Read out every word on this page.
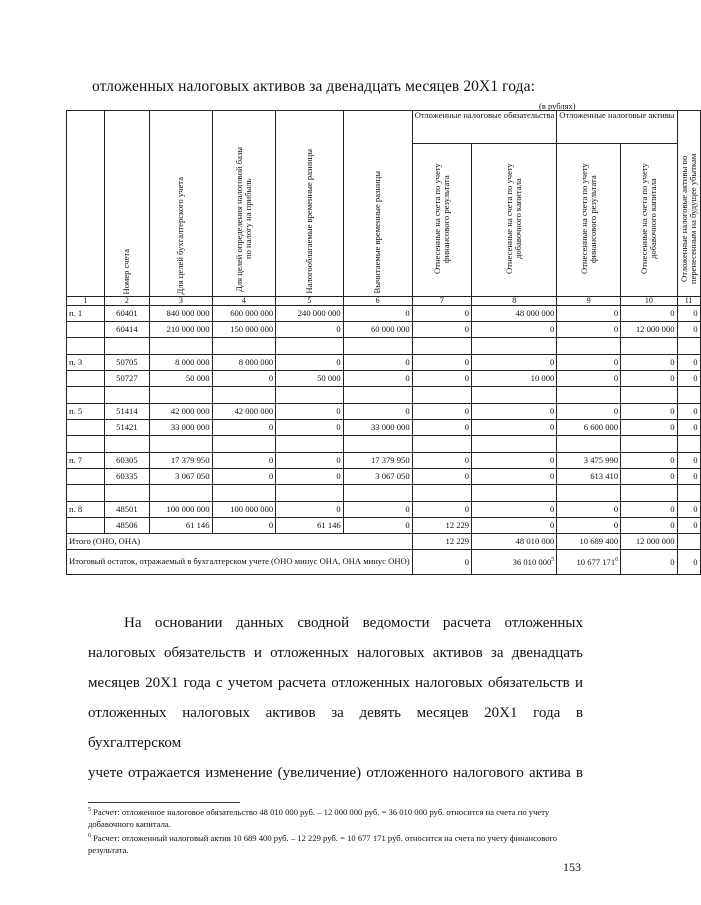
отложенных налоговых активов за двенадцать месяцев 20Х1 года:
(в рублях)
	Номер счета	Для целей бухгалтерского учета	Для целей определения налоговой базы по налогу на прибыль	Налогооблагаемые временные разницы	Вычитаемые временные разницы	Отложенные налоговые обязательства		Отложенные налоговые активы		Отложенные налоговые активы по перенесенным на будущее убыткам
						Отнесенные на счета по учету финансового результата	Отнесенные на счета по учету добавочного капитала	Отнесенные на счета по учету финансового результата	Отнесенные на счета по учету добавочного капитала	
1	2	3	4	5	6	7	8	9	10	11
п. 1	60401	840 000 000	600 000 000	240 000 000	0	0	48 000 000	0	0	0
	60414	210 000 000	150 000 000	0	60 000 000	0	0	0	12 000 000	0

п. 3	50705	8 000 000	8 000 000	0	0	0	0	0	0	0
	50727	50 000	0	50 000	0	0	10 000	0	0	0

п. 5	51414	42 000 000	42 000 000	0	0	0	0	0	0	0
	51421	33 000 000	0	0	33 000 000	0	0	6 600 000	0	0

п. 7	60305	17 379 950	0	0	17 379 950	0	0	3 475 990	0	0
	60335	3 067 050	0	0	3 067 050	0	0	613 410	0	0

п. 8	48501	100 000 000	100 000 000	0	0	0	0	0	0	0
	48506	61 146	0	61 146	0	12 229	0	0	0	0
Итого (ОНО, ОНА)						12 229	48 010 000	10 689 400	12 000 000	
Итоговый остаток, отражаемый в бухгалтерском учете (ОНО минус ОНА, ОНА минус ОНО)						0	36 010 $000^5$	10 677 $171^6$	0	0
На основании данных сводной ведомости расчета отложенных
налоговых обязательств и отложенных налоговых активов за двенадцать
месяцев 20Х1 года с учетом расчета отложенных налоговых обязательств и
отложенных налоговых активов за девять месяцев 20Х1 года в бухгалтерском
учете отражается изменение (увеличение) отложенного налогового актива в
$^5$ Расчет: отложенное налоговое обязательство 48 010 000 руб. – 12 000 000 руб. = 36 010 000 руб. относится на счета по учету добавочного капитала.
$^6$ Расчет: отложенный налоговый актив 10 689 400 руб. – 12 229 руб. = 10 677 171 руб. относится на счета по учету финансового результата.
153
